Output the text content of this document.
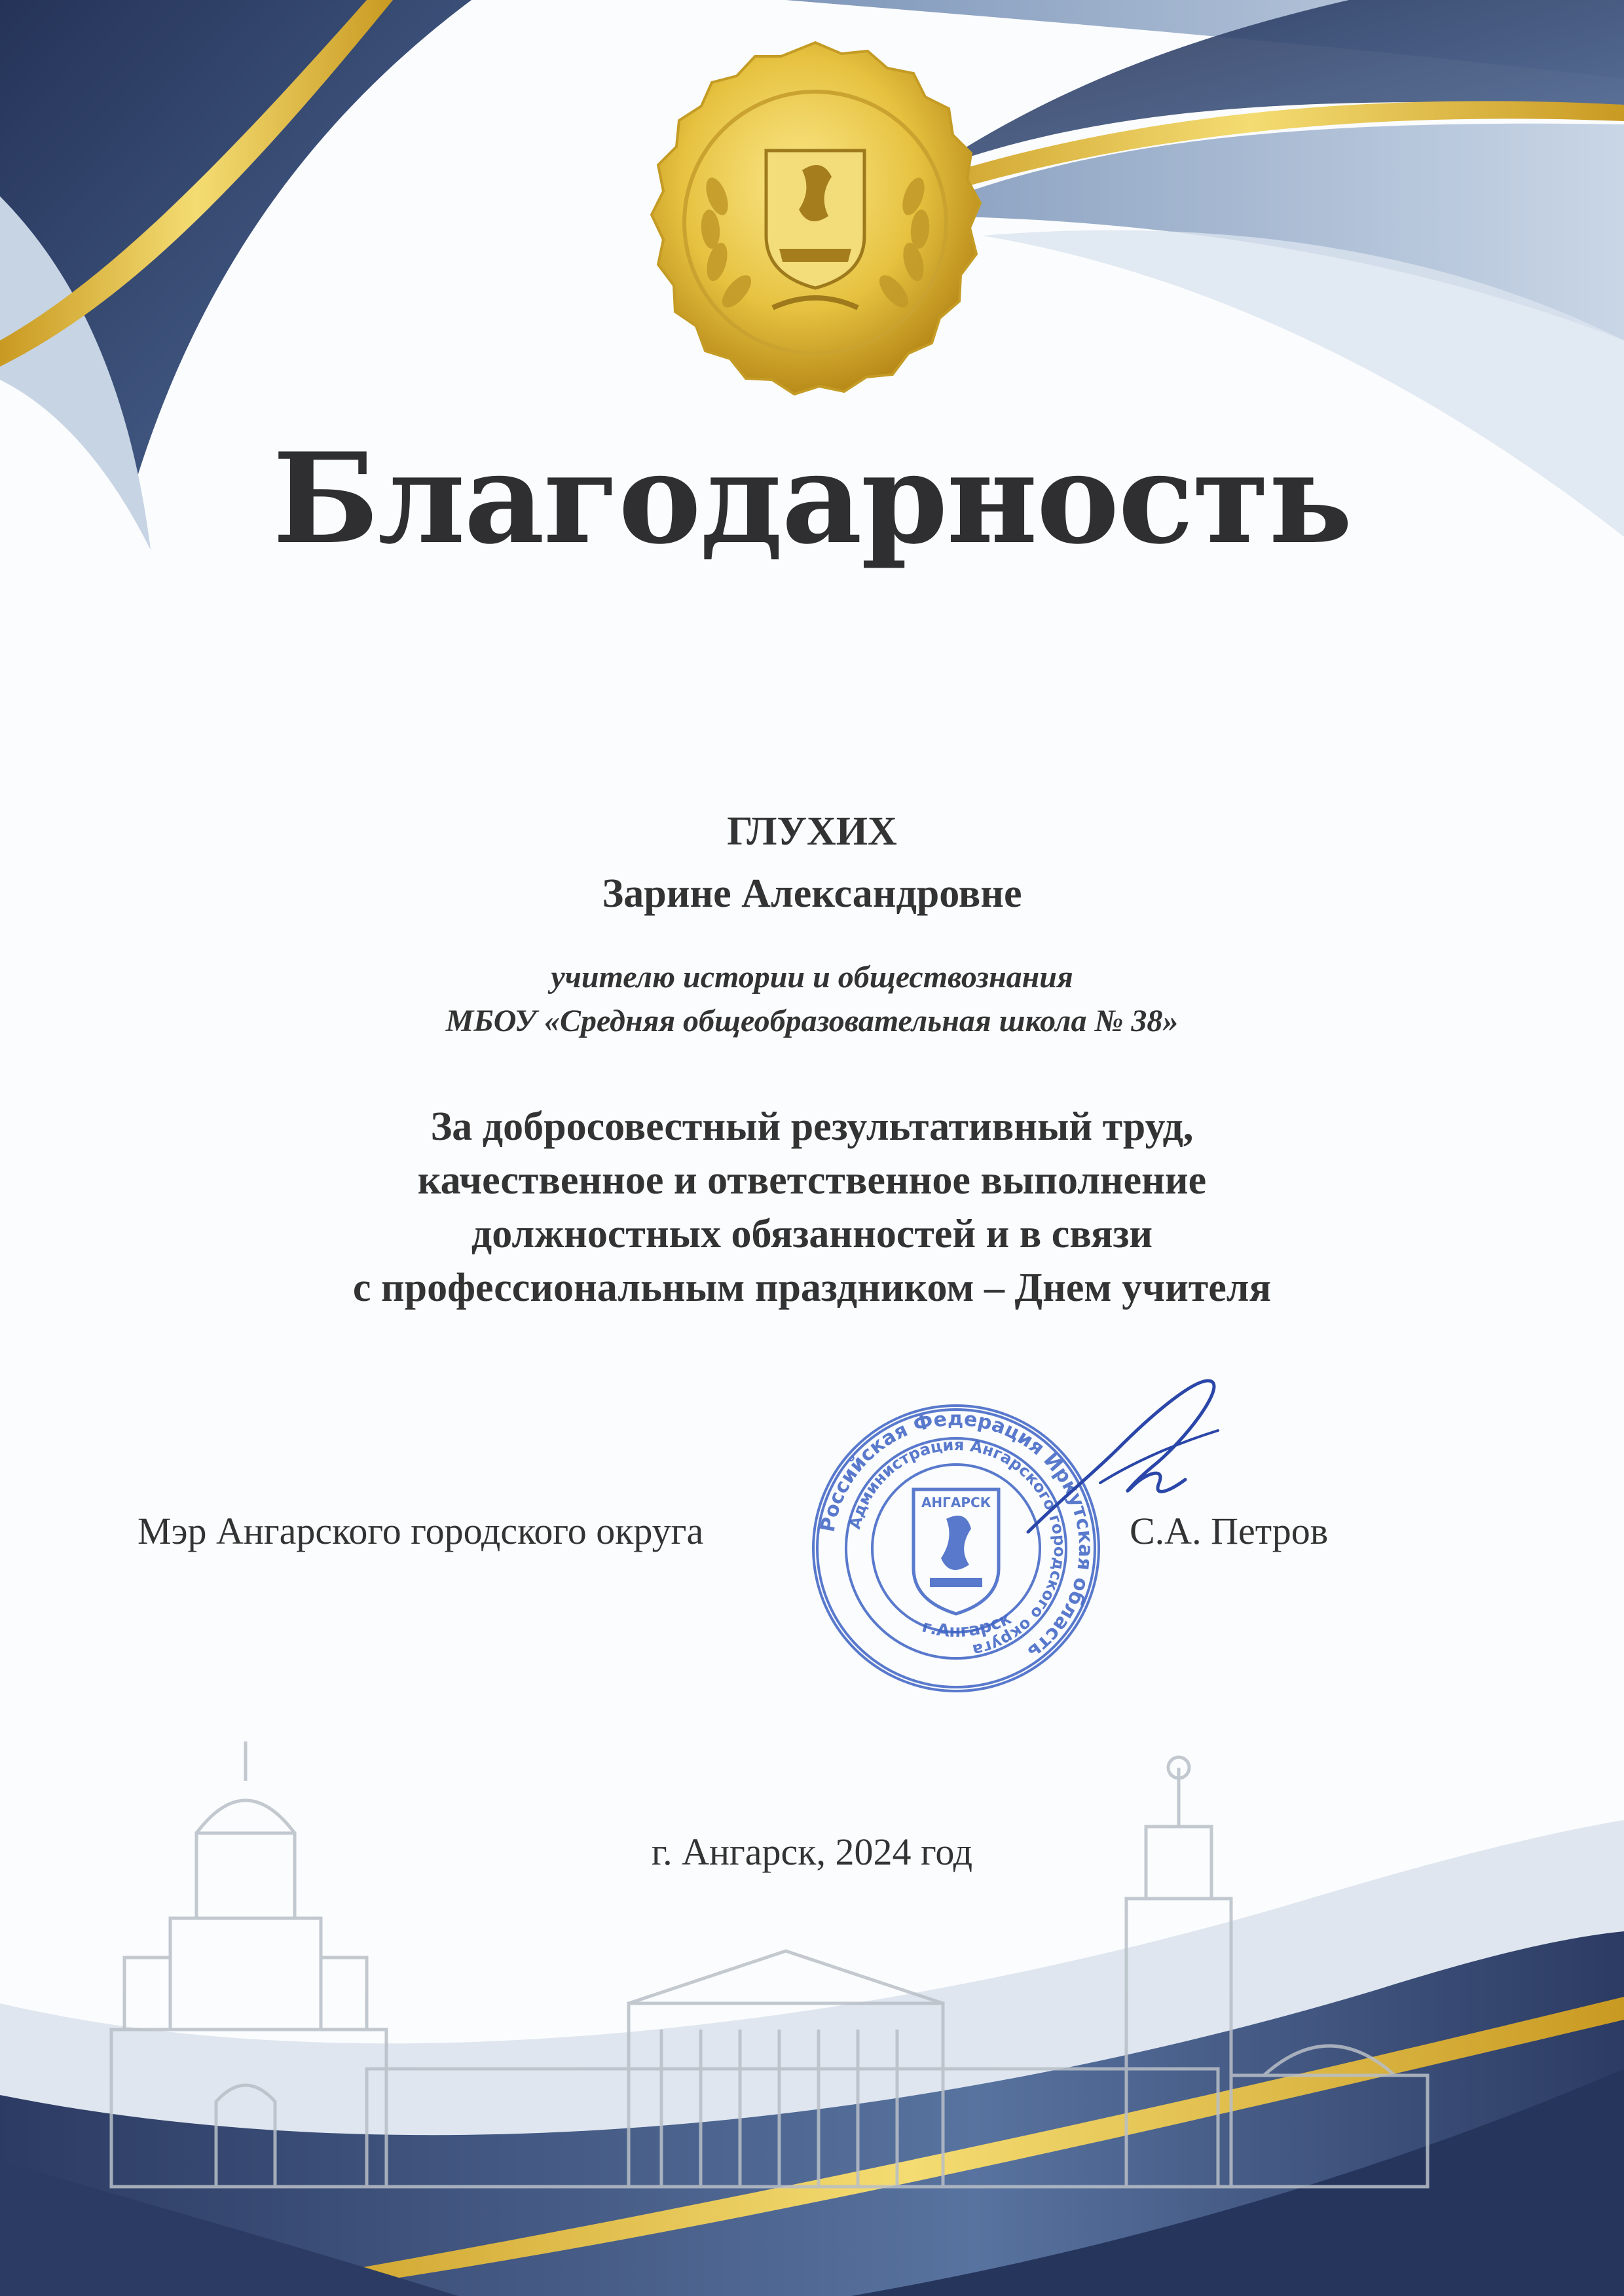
Благодарность
ГЛУХИХ
Зарине Александровне
учителю истории и обществознания
МБОУ «Средняя общеобразовательная школа № 38»
За добросовестный результативный труд,
качественное и ответственное выполнение
должностных обязанностей и в связи
с профессиональным праздником – Днем учителя
Мэр Ангарского городского округа	С.А. Петров
Российская Федерация Иркутская область
Администрация Ангарского городского округа
г.Ангарск
АНГАРСК
г. Ангарск, 2024 год
